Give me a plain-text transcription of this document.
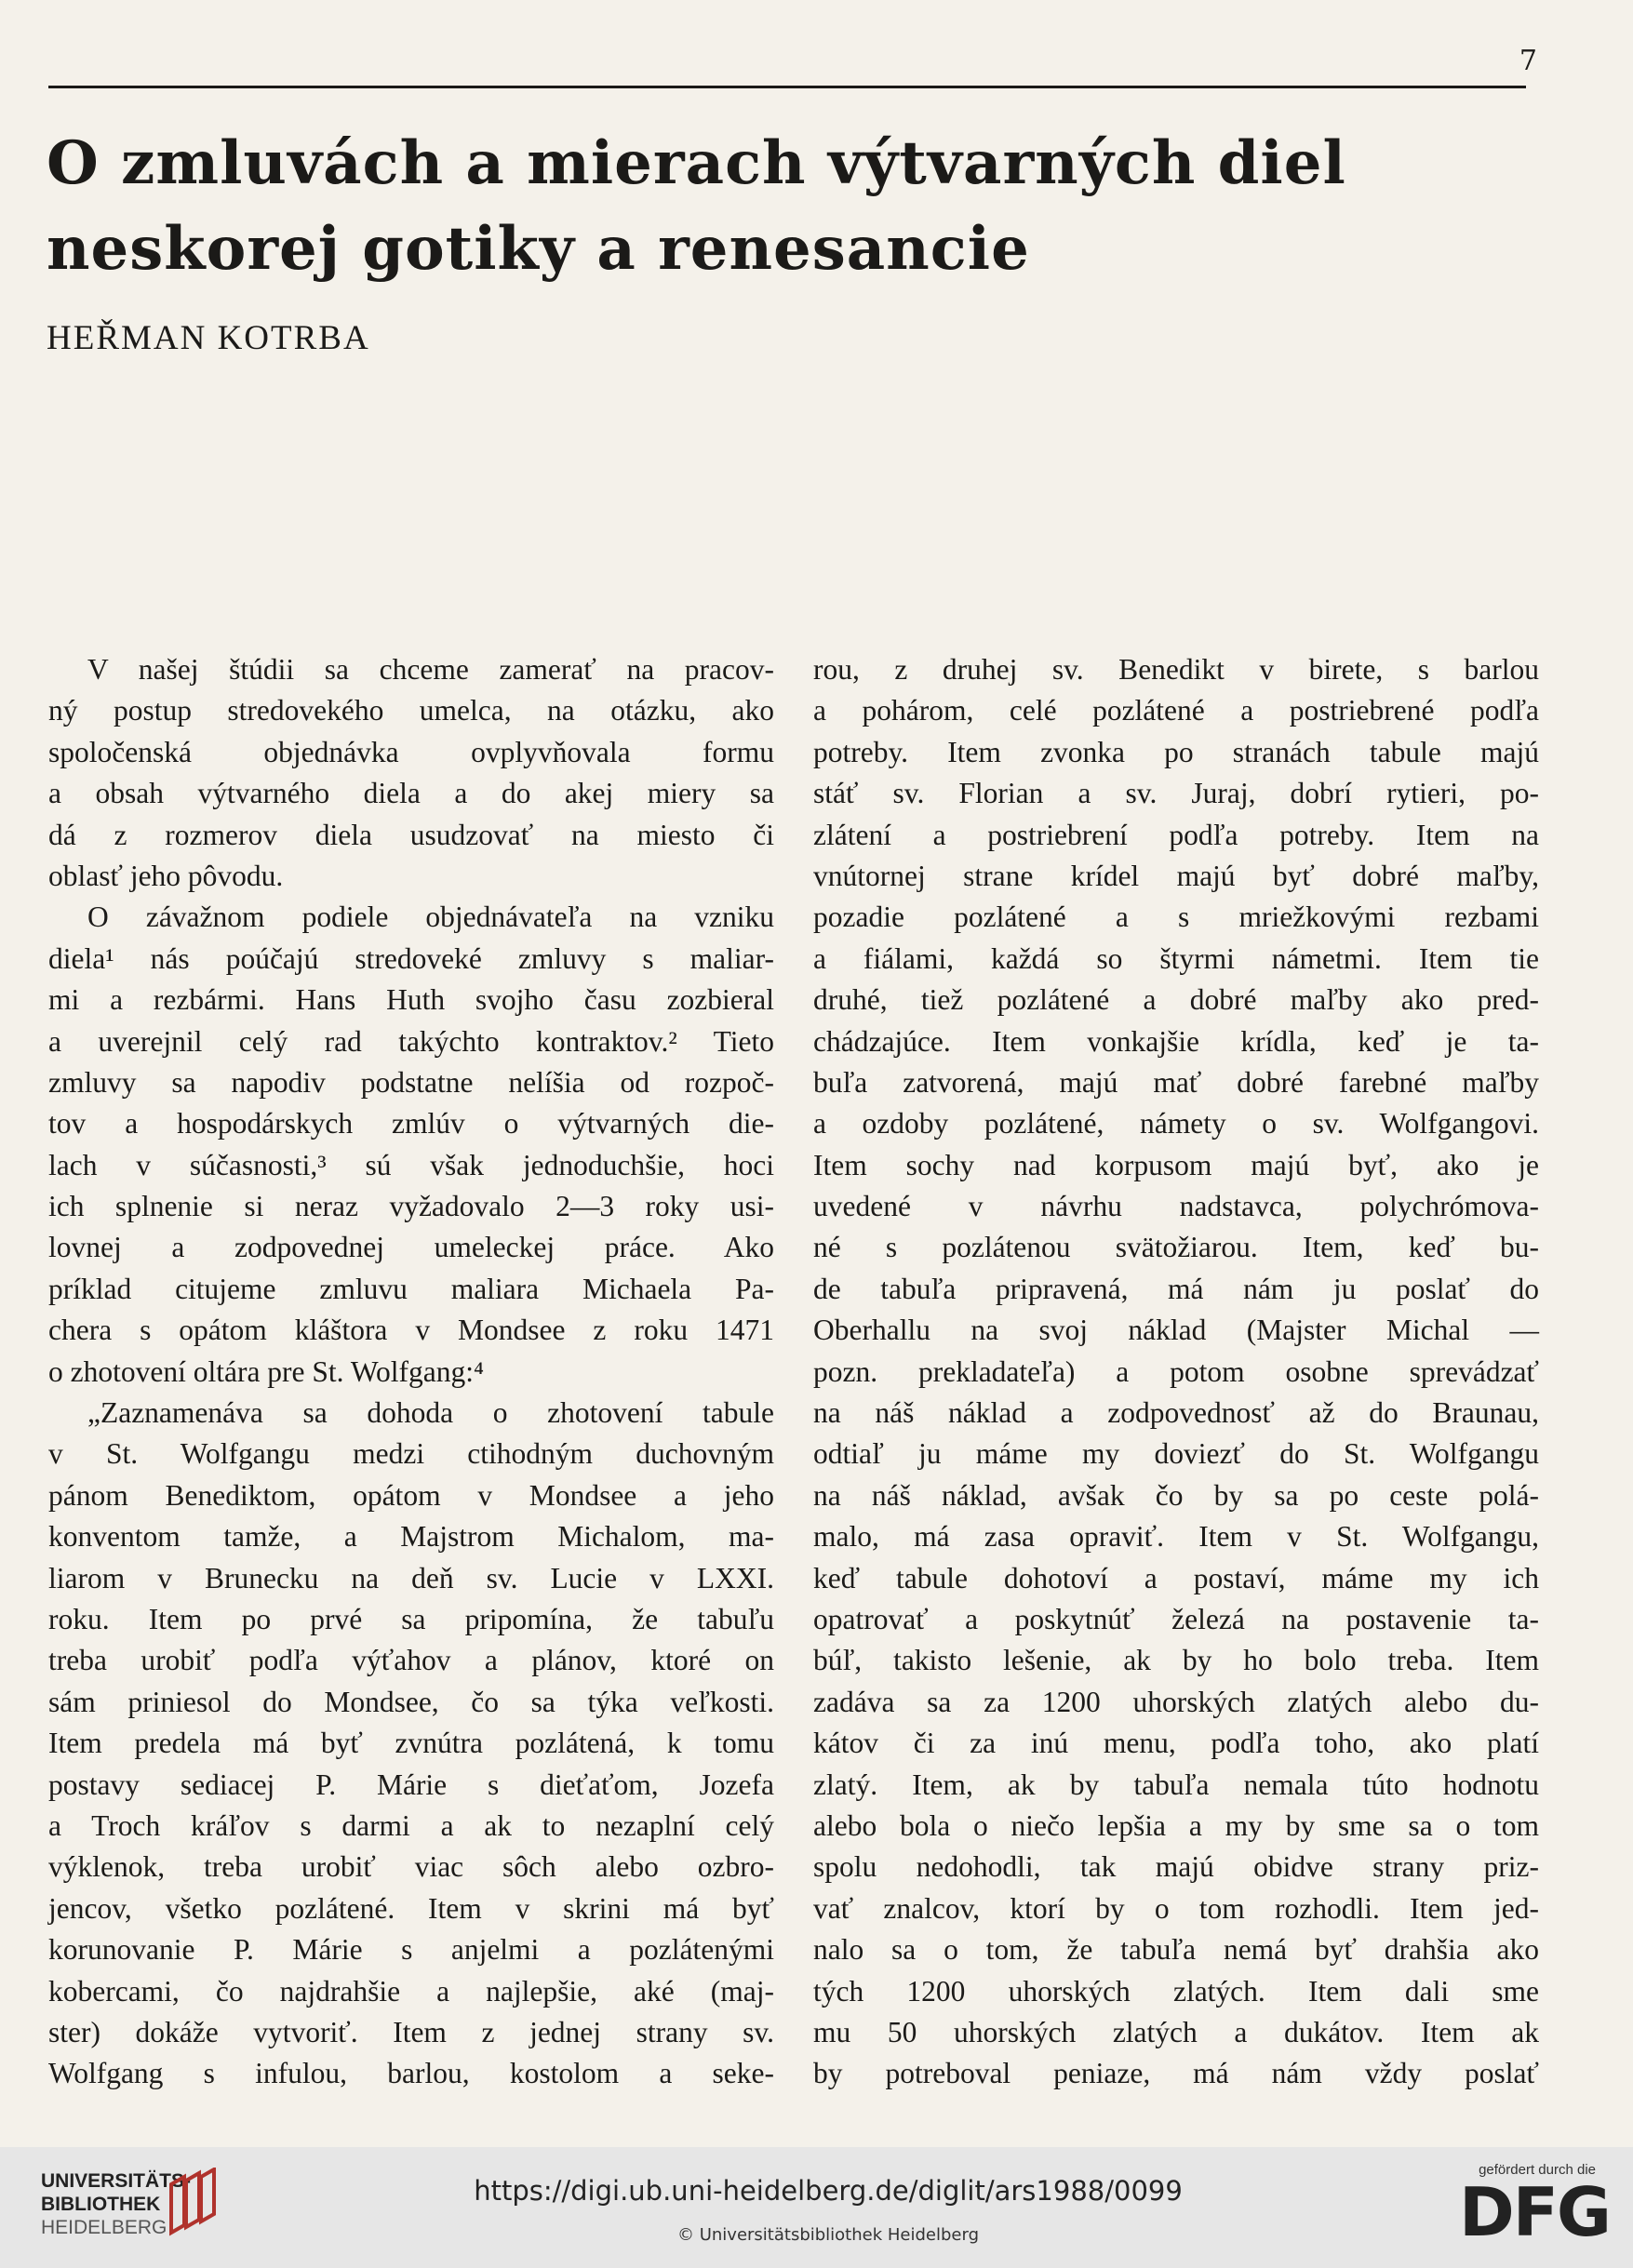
7
O zmluvách a mierach výtvarných diel
neskorej gotiky a renesancie
HEŘMAN KOTRBA
V našej štúdii sa chceme zamerať na pracov-
ný postup stredovekého umelca, na otázku, ako
spoločenská objednávka ovplyvňovala formu
a obsah výtvarného diela a do akej miery sa
dá z rozmerov diela usudzovať na miesto či
oblasť jeho pôvodu.
O závažnom podiele objednávateľa na vzniku
diela¹ nás poúčajú stredoveké zmluvy s maliar-
mi a rezbármi. Hans Huth svojho času zozbieral
a uverejnil celý rad takýchto kontraktov.² Tieto
zmluvy sa napodiv podstatne nelíšia od rozpoč-
tov a hospodárskych zmlúv o výtvarných die-
lach v súčasnosti,³ sú však jednoduchšie, hoci
ich splnenie si neraz vyžadovalo 2—3 roky usi-
lovnej a zodpovednej umeleckej práce. Ako
príklad citujeme zmluvu maliara Michaela Pa-
chera s opátom kláštora v Mondsee z roku 1471
o zhotovení oltára pre St. Wolfgang:⁴
„Zaznamenáva sa dohoda o zhotovení tabule
v St. Wolfgangu medzi ctihodným duchovným
pánom Benediktom, opátom v Mondsee a jeho
konventom tamže, a Majstrom Michalom, ma-
liarom v Brunecku na deň sv. Lucie v LXXI.
roku. Item po prvé sa pripomína, že tabuľu
treba urobiť podľa výťahov a plánov, ktoré on
sám priniesol do Mondsee, čo sa týka veľkosti.
Item predela má byť zvnútra pozlátená, k tomu
postavy sediacej P. Márie s dieťaťom, Jozefa
a Troch kráľov s darmi a ak to nezaplní celý
výklenok, treba urobiť viac sôch alebo ozbro-
jencov, všetko pozlátené. Item v skrini má byť
korunovanie P. Márie s anjelmi a pozlátenými
kobercami, čo najdrahšie a najlepšie, aké (maj-
ster) dokáže vytvoriť. Item z jednej strany sv.
Wolfgang s infulou, barlou, kostolom a seke-
rou, z druhej sv. Benedikt v birete, s barlou
a pohárom, celé pozlátené a postriebrené podľa
potreby. Item zvonka po stranách tabule majú
stáť sv. Florian a sv. Juraj, dobrí rytieri, po-
zlátení a postriebrení podľa potreby. Item na
vnútornej strane krídel majú byť dobré maľby,
pozadie pozlátené a s mriežkovými rezbami
a fiálami, každá so štyrmi námetmi. Item tie
druhé, tiež pozlátené a dobré maľby ako pred-
chádzajúce. Item vonkajšie krídla, keď je ta-
buľa zatvorená, majú mať dobré farebné maľby
a ozdoby pozlátené, námety o sv. Wolfgangovi.
Item sochy nad korpusom majú byť, ako je
uvedené v návrhu nadstavca, polychrómova-
né s pozlátenou svätožiarou. Item, keď bu-
de tabuľa pripravená, má nám ju poslať do
Oberhallu na svoj náklad (Majster Michal —
pozn. prekladateľa) a potom osobne sprevádzať
na náš náklad a zodpovednosť až do Braunau,
odtiaľ ju máme my doviezť do St. Wolfgangu
na náš náklad, avšak čo by sa po ceste polá-
malo, má zasa opraviť. Item v St. Wolfgangu,
keď tabule dohotoví a postaví, máme my ich
opatrovať a poskytnúť železá na postavenie ta-
búľ, takisto lešenie, ak by ho bolo treba. Item
zadáva sa za 1200 uhorských zlatých alebo du-
kátov či za inú menu, podľa toho, ako platí
zlatý. Item, ak by tabuľa nemala túto hodnotu
alebo bola o niečo lepšia a my by sme sa o tom
spolu nedohodli, tak majú obidve strany priz-
vať znalcov, ktorí by o tom rozhodli. Item jed-
nalo sa o tom, že tabuľa nemá byť drahšia ako
tých 1200 uhorských zlatých. Item dali sme
mu 50 uhorských zlatých a dukátov. Item ak
by potreboval peniaze, má nám vždy poslať
UNIVERSITÄTS-
BIBLIOTHEK
HEIDELBERG
https://digi.ub.uni-heidelberg.de/diglit/ars1988/0099
© Universitätsbibliothek Heidelberg
gefördert durch die
DFG
